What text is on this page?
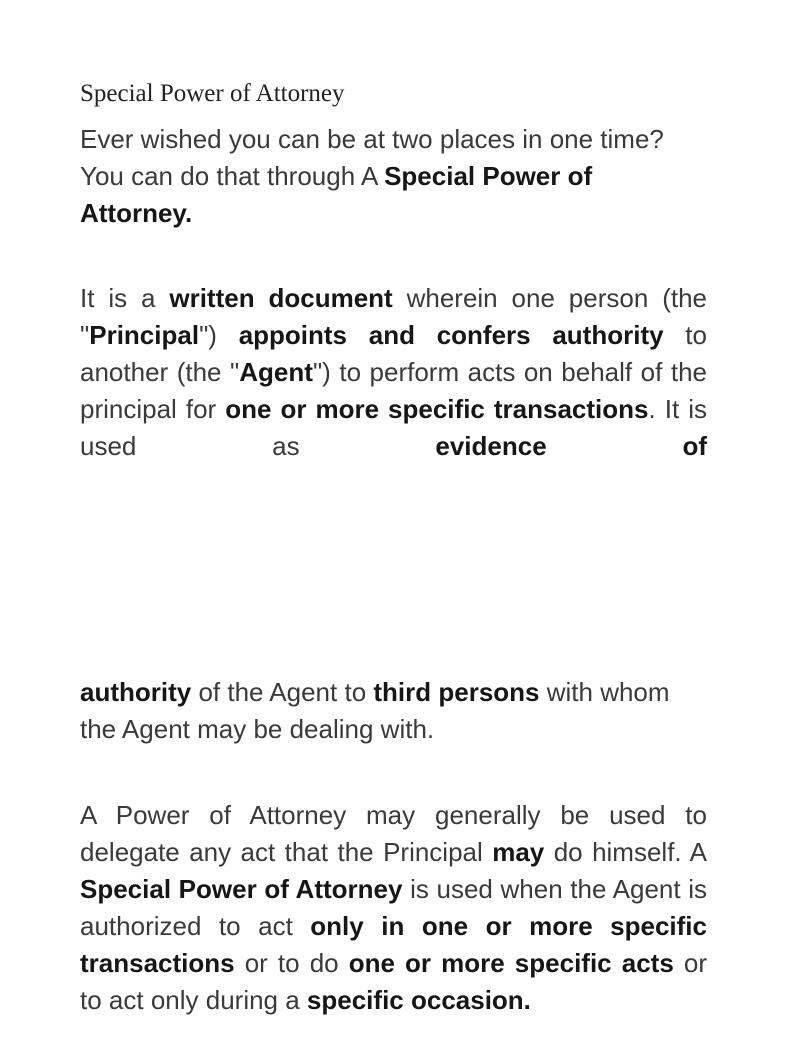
Special Power of Attorney
Ever wished you can be at two places in one time? You can do that through A Special Power of Attorney.
It is a written document wherein one person (the "Principal") appoints and confers authority to another (the "Agent") to perform acts on behalf of the principal for one or more specific transactions. It is used as evidence of
authority of the Agent to third persons with whom the Agent may be dealing with.
A Power of Attorney may generally be used to delegate any act that the Principal may do himself. A Special Power of Attorney is used when the Agent is authorized to act only in one or more specific transactions or to do one or more specific acts or to act only during a specific occasion.
